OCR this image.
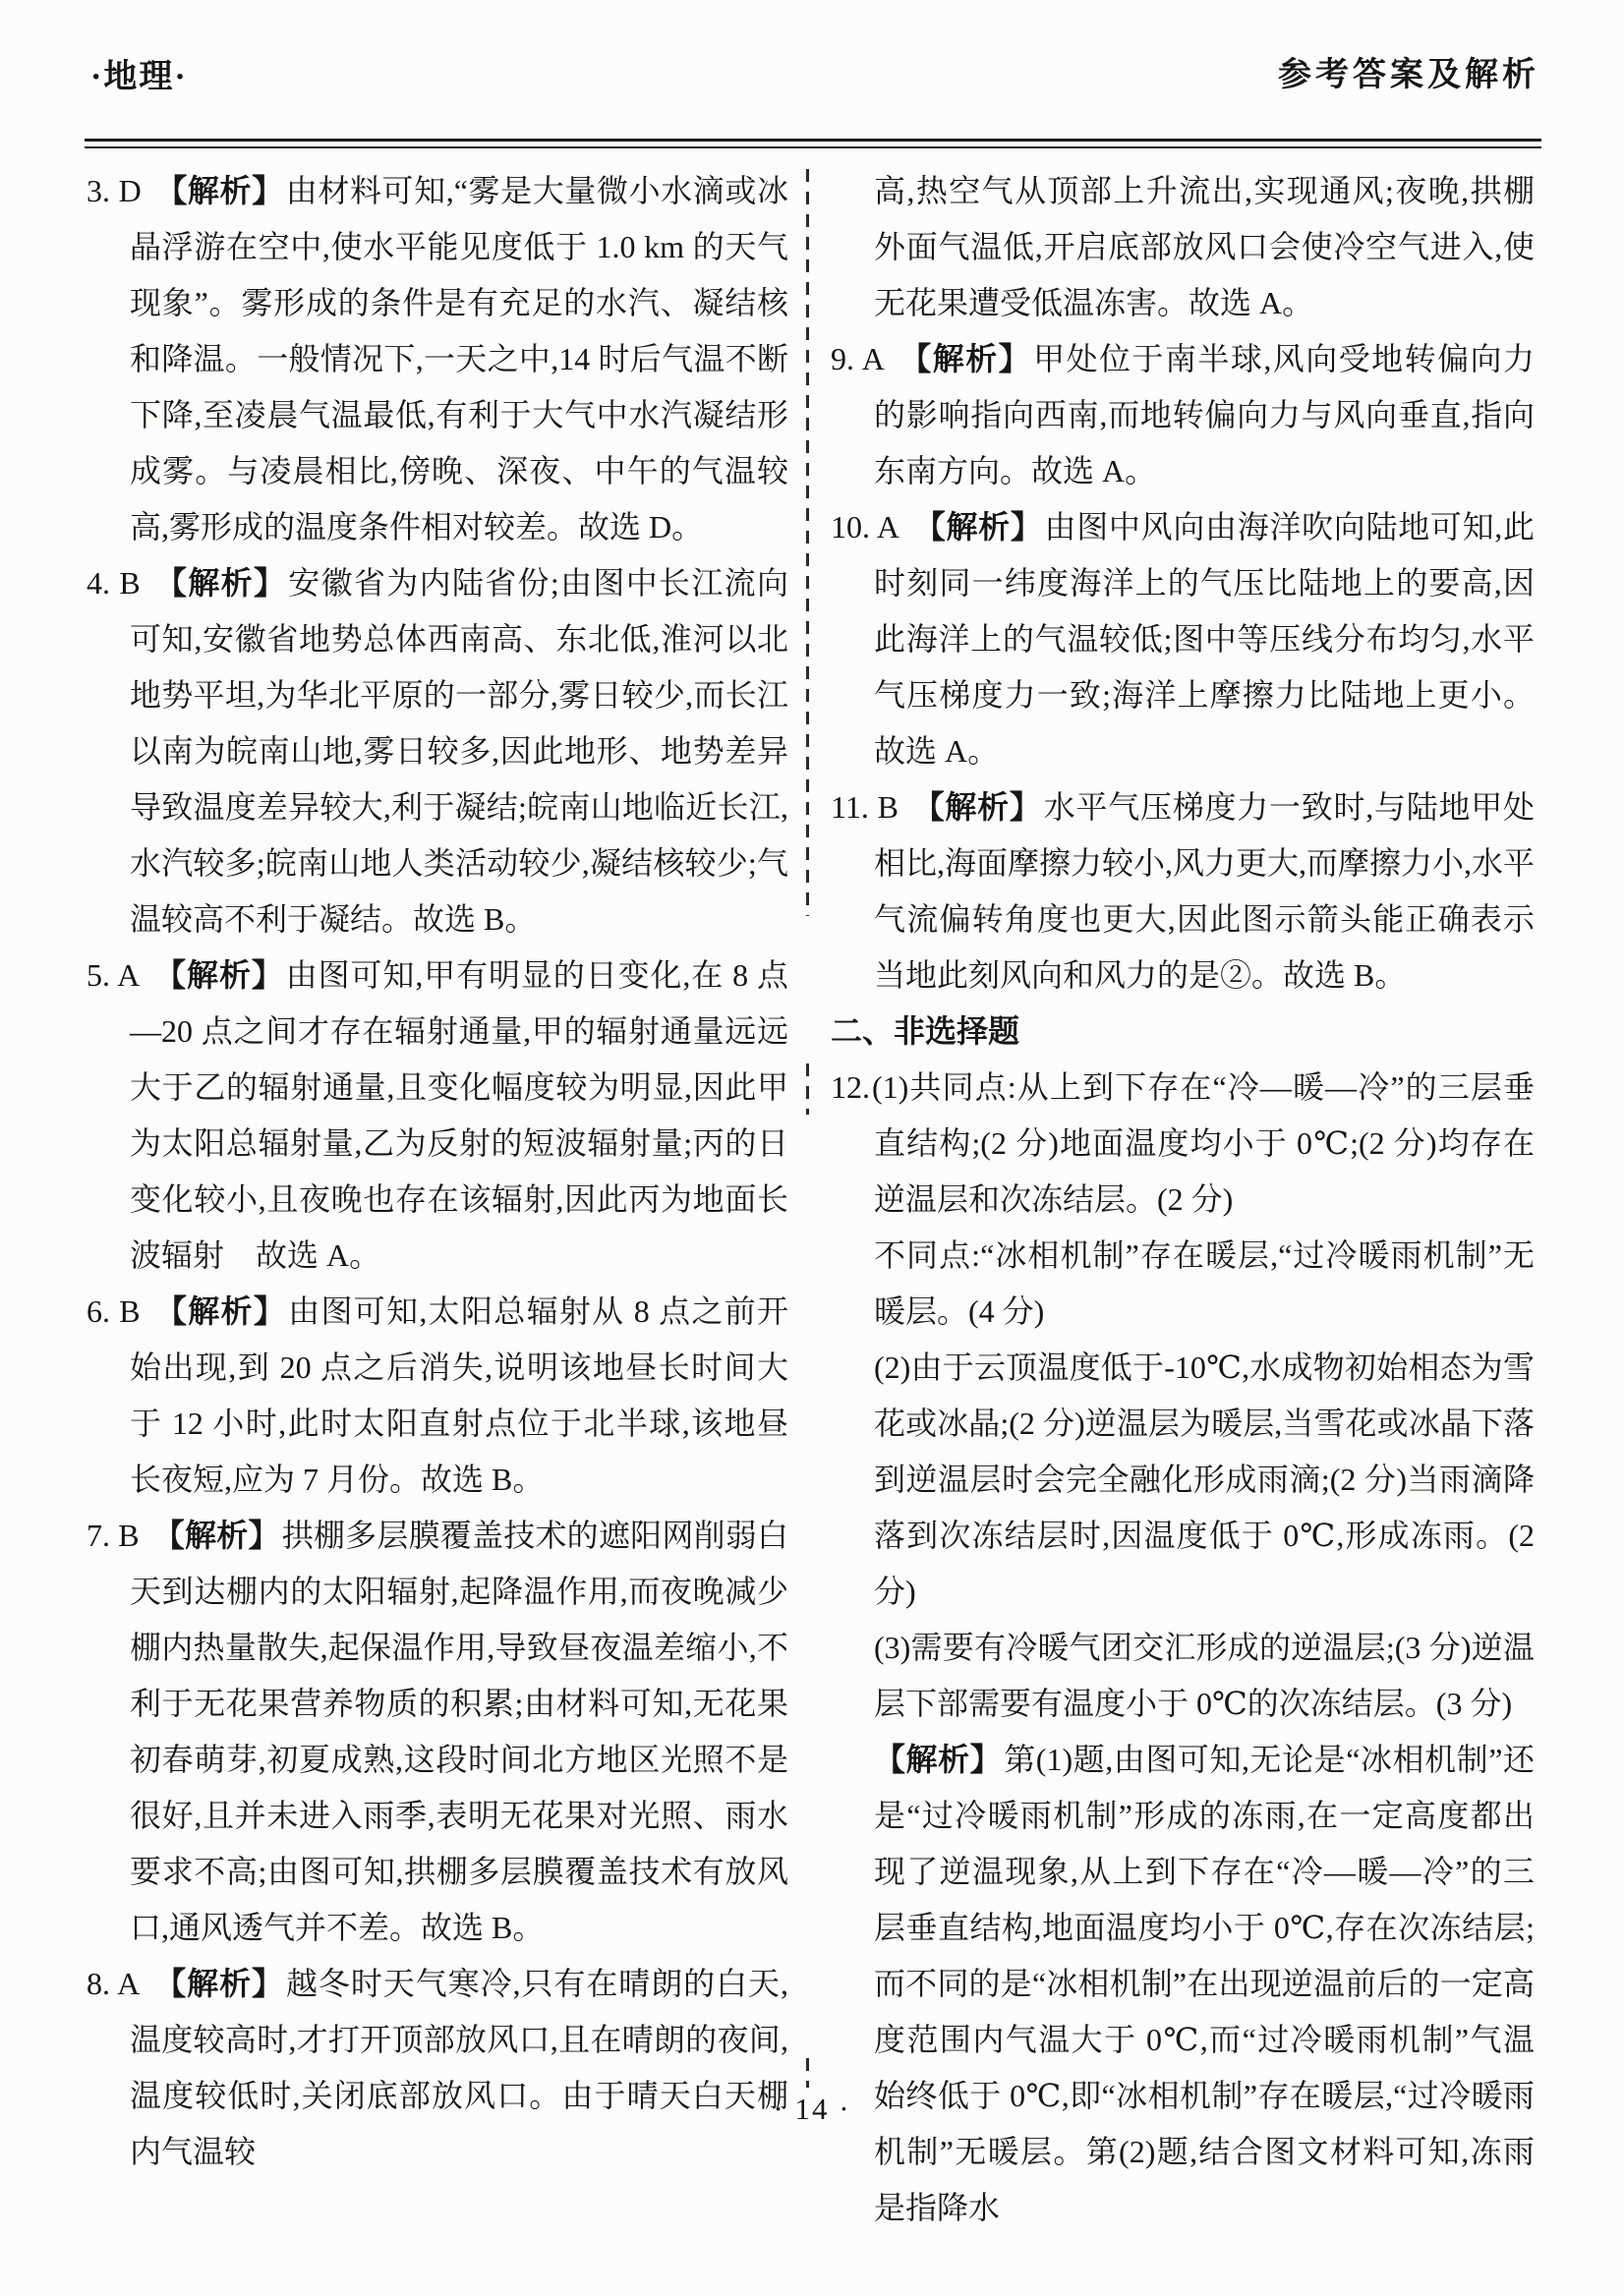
·地理·	参考答案及解析

3. D 【解析】由材料可知,“雾是大量微小水滴或冰晶浮游在空中,使水平能见度低于 1.0 km 的天气现象”。雾形成的条件是有充足的水汽、凝结核和降温。一般情况下,一天之中,14 时后气温不断下降,至凌晨气温最低,有利于大气中水汽凝结形成雾。与凌晨相比,傍晚、深夜、中午的气温较高,雾形成的温度条件相对较差。故选 D。

4. B 【解析】安徽省为内陆省份;由图中长江流向可知,安徽省地势总体西南高、东北低,淮河以北地势平坦,为华北平原的一部分,雾日较少,而长江以南为皖南山地,雾日较多,因此地形、地势差异导致温度差异较大,利于凝结;皖南山地临近长江,水汽较多;皖南山地人类活动较少,凝结核较少;气温较高不利于凝结。故选 B。

5. A 【解析】由图可知,甲有明显的日变化,在 8 点—20 点之间才存在辐射通量,甲的辐射通量远远大于乙的辐射通量,且变化幅度较为明显,因此甲为太阳总辐射量,乙为反射的短波辐射量;丙的日变化较小,且夜晚也存在该辐射,因此丙为地面长波辐射　故选 A。

6. B 【解析】由图可知,太阳总辐射从 8 点之前开始出现,到 20 点之后消失,说明该地昼长时间大于 12 小时,此时太阳直射点位于北半球,该地昼长夜短,应为 7 月份。故选 B。

7. B 【解析】拱棚多层膜覆盖技术的遮阳网削弱白天到达棚内的太阳辐射,起降温作用,而夜晚减少棚内热量散失,起保温作用,导致昼夜温差缩小,不利于无花果营养物质的积累;由材料可知,无花果初春萌芽,初夏成熟,这段时间北方地区光照不是很好,且并未进入雨季,表明无花果对光照、雨水要求不高;由图可知,拱棚多层膜覆盖技术有放风口,通风透气并不差。故选 B。

8. A 【解析】越冬时天气寒冷,只有在晴朗的白天,温度较高时,才打开顶部放风口,且在晴朗的夜间,温度较低时,关闭底部放风口。由于晴天白天棚内气温较

高,热空气从顶部上升流出,实现通风;夜晚,拱棚外面气温低,开启底部放风口会使冷空气进入,使无花果遭受低温冻害。故选 A。

9. A 【解析】甲处位于南半球,风向受地转偏向力的影响指向西南,而地转偏向力与风向垂直,指向东南方向。故选 A。

10. A 【解析】由图中风向由海洋吹向陆地可知,此时刻同一纬度海洋上的气压比陆地上的要高,因此海洋上的气温较低;图中等压线分布均匀,水平气压梯度力一致;海洋上摩擦力比陆地上更小。故选 A。

11. B 【解析】水平气压梯度力一致时,与陆地甲处相比,海面摩擦力较小,风力更大,而摩擦力小,水平气流偏转角度也更大,因此图示箭头能正确表示当地此刻风向和风力的是②。故选 B。

二、非选择题

12.(1)共同点:从上到下存在“冷—暖—冷”的三层垂直结构;(2 分)地面温度均小于 0℃;(2 分)均存在逆温层和次冻结层。(2 分)

不同点:“冰相机制”存在暖层,“过冷暖雨机制”无暖层。(4 分)

(2)由于云顶温度低于-10℃,水成物初始相态为雪花或冰晶;(2 分)逆温层为暖层,当雪花或冰晶下落到逆温层时会完全融化形成雨滴;(2 分)当雨滴降落到次冻结层时,因温度低于 0℃,形成冻雨。(2 分)

(3)需要有冷暖气团交汇形成的逆温层;(3 分)逆温层下部需要有温度小于 0℃的次冻结层。(3 分)

【解析】第(1)题,由图可知,无论是“冰相机制”还是“过冷暖雨机制”形成的冻雨,在一定高度都出现了逆温现象,从上到下存在“冷—暖—冷”的三层垂直结构,地面温度均小于 0℃,存在次冻结层;而不同的是“冰相机制”在出现逆温前后的一定高度范围内气温大于 0℃,而“过冷暖雨机制”气温始终低于 0℃,即“冰相机制”存在暖层,“过冷暖雨机制”无暖层。第(2)题,结合图文材料可知,冻雨是指降水

· 14 ·
